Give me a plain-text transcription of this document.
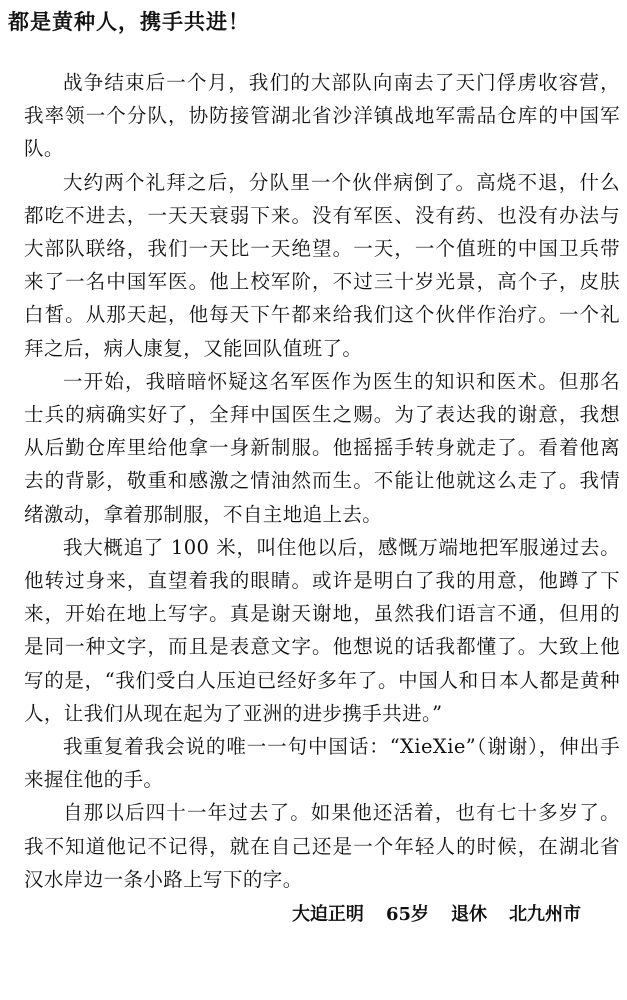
都是黄种人，携手共进！

战争结束后一个月，我们的大部队向南去了天门俘虏收容营，我率领一个分队，协防接管湖北省沙洋镇战地军需品仓库的中国军队。

大约两个礼拜之后，分队里一个伙伴病倒了。高烧不退，什么都吃不进去，一天天衰弱下来。没有军医、没有药、也没有办法与大部队联络，我们一天比一天绝望。一天，一个值班的中国卫兵带来了一名中国军医。他上校军阶，不过三十岁光景，高个子，皮肤白皙。从那天起，他每天下午都来给我们这个伙伴作治疗。一个礼拜之后，病人康复，又能回队值班了。

一开始，我暗暗怀疑这名军医作为医生的知识和医术。但那名士兵的病确实好了，全拜中国医生之赐。为了表达我的谢意，我想从后勤仓库里给他拿一身新制服。他摇摇手转身就走了。看着他离去的背影，敬重和感激之情油然而生。不能让他就这么走了。我情绪激动，拿着那制服，不自主地追上去。

我大概追了 100 米，叫住他以后，感慨万端地把军服递过去。他转过身来，直望着我的眼睛。或许是明白了我的用意，他蹲了下来，开始在地上写字。真是谢天谢地，虽然我们语言不通，但用的是同一种文字，而且是表意文字。他想说的话我都懂了。大致上他写的是，“我们受白人压迫已经好多年了。中国人和日本人都是黄种人，让我们从现在起为了亚洲的进步携手共进。”

我重复着我会说的唯一一句中国话：“XieXie”（谢谢），伸出手来握住他的手。

自那以后四十一年过去了。如果他还活着，也有七十多岁了。我不知道他记不记得，就在自己还是一个年轻人的时候，在湖北省汉水岸边一条小路上写下的字。

大迫正明 65岁 退休 北九州市
